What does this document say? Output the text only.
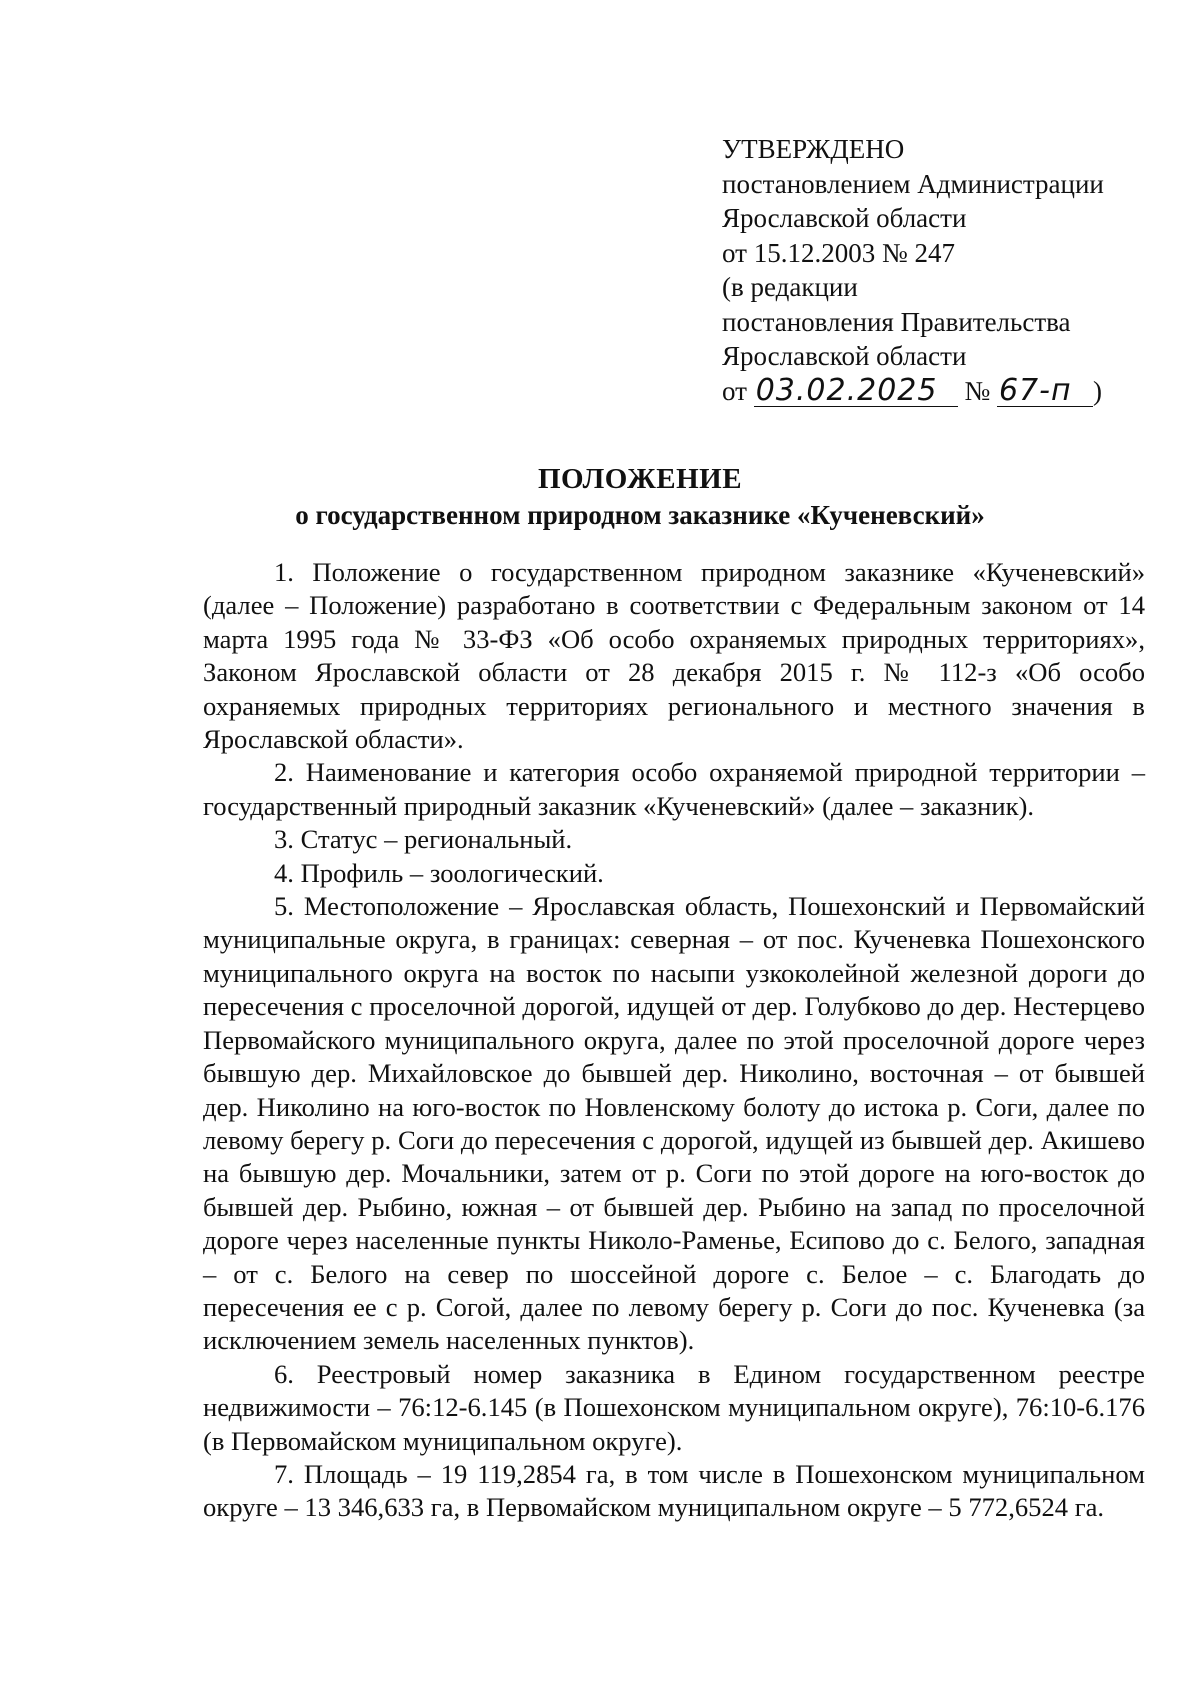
УТВЕРЖДЕНО
постановлением Администрации
Ярославской области
от 15.12.2003 № 247
(в редакции
постановления Правительства
Ярославской области
от 03.02.2025 № 67-п )
ПОЛОЖЕНИЕ
о государственном природном заказнике «Кученевский»

1. Положение о государственном природном заказнике «Кученевский» (далее – Положение) разработано в соответствии с Федеральным законом от 14 марта 1995 года № 33-ФЗ «Об особо охраняемых природных территориях», Законом Ярославской области от 28 декабря 2015 г. № 112-з «Об особо охраняемых природных территориях регионального и местного значения в Ярославской области».

2. Наименование и категория особо охраняемой природной территории – государственный природный заказник «Кученевский» (далее – заказник).

3. Статус – региональный.

4. Профиль – зоологический.

5. Местоположение – Ярославская область, Пошехонский и Первомайский муниципальные округа, в границах: северная – от пос. Кученевка Пошехонского муниципального округа на восток по насыпи узкоколейной железной дороги до пересечения с проселочной дорогой, идущей от дер. Голубково до дер. Нестерцево Первомайского муниципального округа, далее по этой проселочной дороге через бывшую дер. Михайловское до бывшей дер. Николино, восточная – от бывшей дер. Николино на юго-восток по Новленскому болоту до истока р. Соги, далее по левому берегу р. Соги до пересечения с дорогой, идущей из бывшей дер. Акишево на бывшую дер. Мочальники, затем от р. Соги по этой дороге на юго-восток до бывшей дер. Рыбино, южная – от бывшей дер. Рыбино на запад по проселочной дороге через населенные пункты Николо-Раменье, Есипово до с. Белого, западная – от с. Белого на север по шоссейной дороге с. Белое – с. Благодать до пересечения ее с р. Согой, далее по левому берегу р. Соги до пос. Кученевка (за исключением земель населенных пунктов).

6. Реестровый номер заказника в Едином государственном реестре недвижимости – 76:12-6.145 (в Пошехонском муниципальном округе), 76:10-6.176 (в Первомайском муниципальном округе).

7. Площадь – 19 119,2854 га, в том числе в Пошехонском муниципальном округе – 13 346,633 га, в Первомайском муниципальном округе – 5 772,6524 га.
